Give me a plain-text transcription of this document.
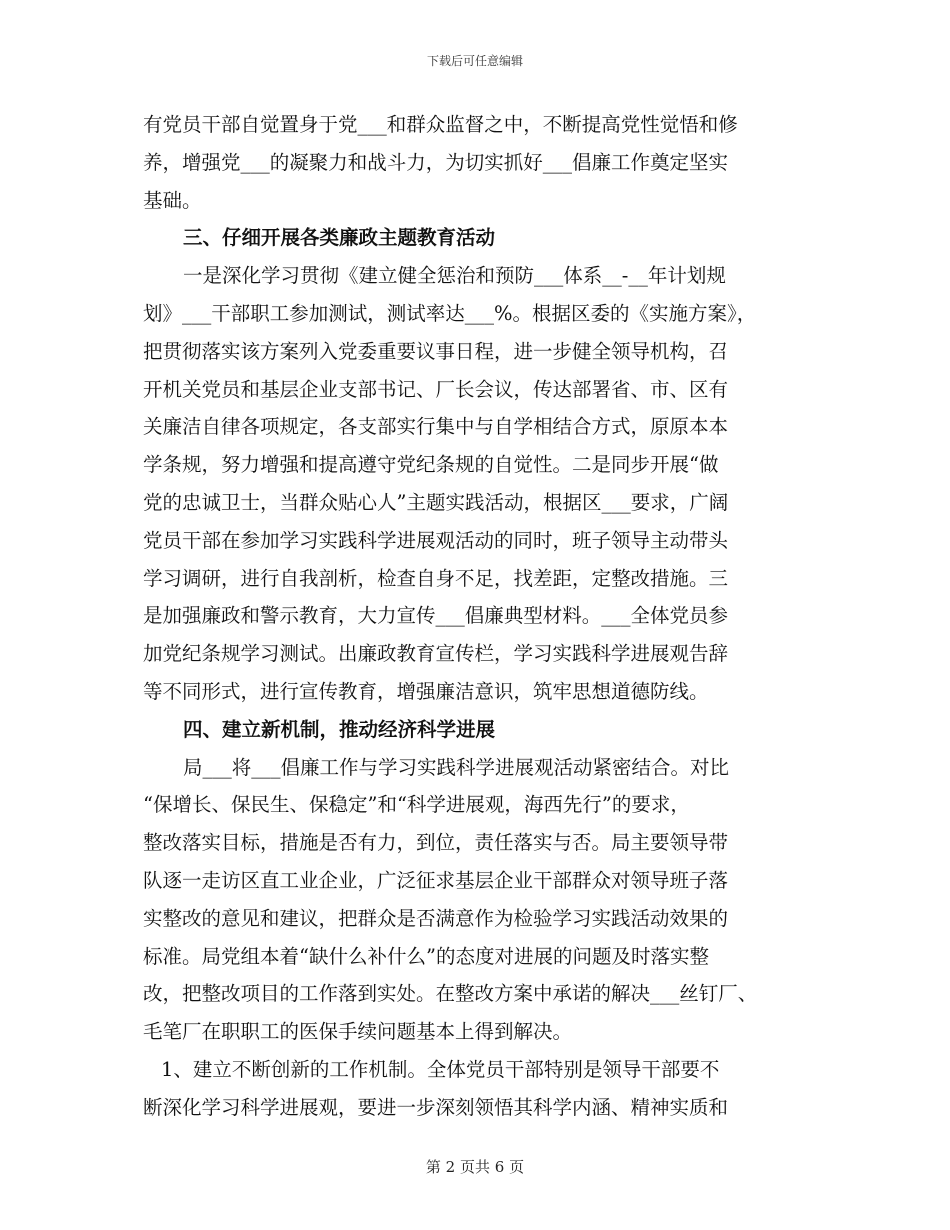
下载后可任意编辑
有党员干部自觉置身于党___和群众监督之中，不断提高党性觉悟和修
养，增强党___的凝聚力和战斗力，为切实抓好___倡廉工作奠定坚实
基础。
三、仔细开展各类廉政主题教育活动
一是深化学习贯彻《建立健全惩治和预防___体系__-__年计划规
划》___干部职工参加测试，测试率达___%。根据区委的《实施方案》，
把贯彻落实该方案列入党委重要议事日程，进一步健全领导机构，召
开机关党员和基层企业支部书记、厂长会议，传达部署省、市、区有
关廉洁自律各项规定，各支部实行集中与自学相结合方式，原原本本
学条规，努力增强和提高遵守党纪条规的自觉性。二是同步开展“做
党的忠诚卫士，当群众贴心人”主题实践活动，根据区___要求，广阔
党员干部在参加学习实践科学进展观活动的同时，班子领导主动带头
学习调研，进行自我剖析，检查自身不足，找差距，定整改措施。三
是加强廉政和警示教育，大力宣传___倡廉典型材料。___全体党员参
加党纪条规学习测试。出廉政教育宣传栏，学习实践科学进展观告辞
等不同形式，进行宣传教育，增强廉洁意识，筑牢思想道德防线。
四、建立新机制，推动经济科学进展
局___将___倡廉工作与学习实践科学进展观活动紧密结合。对比
“保增长、保民生、保稳定”和“科学进展观，海西先行”的要求，
整改落实目标，措施是否有力，到位，责任落实与否。局主要领导带
队逐一走访区直工业企业，广泛征求基层企业干部群众对领导班子落
实整改的意见和建议，把群众是否满意作为检验学习实践活动效果的
标准。局党组本着“缺什么补什么”的态度对进展的问题及时落实整
改，把整改项目的工作落到实处。在整改方案中承诺的解决___丝钉厂、
毛笔厂在职职工的医保手续问题基本上得到解决。
1、建立不断创新的工作机制。全体党员干部特别是领导干部要不
断深化学习科学进展观，要进一步深刻领悟其科学内涵、精神实质和
第 2 页共 6 页
